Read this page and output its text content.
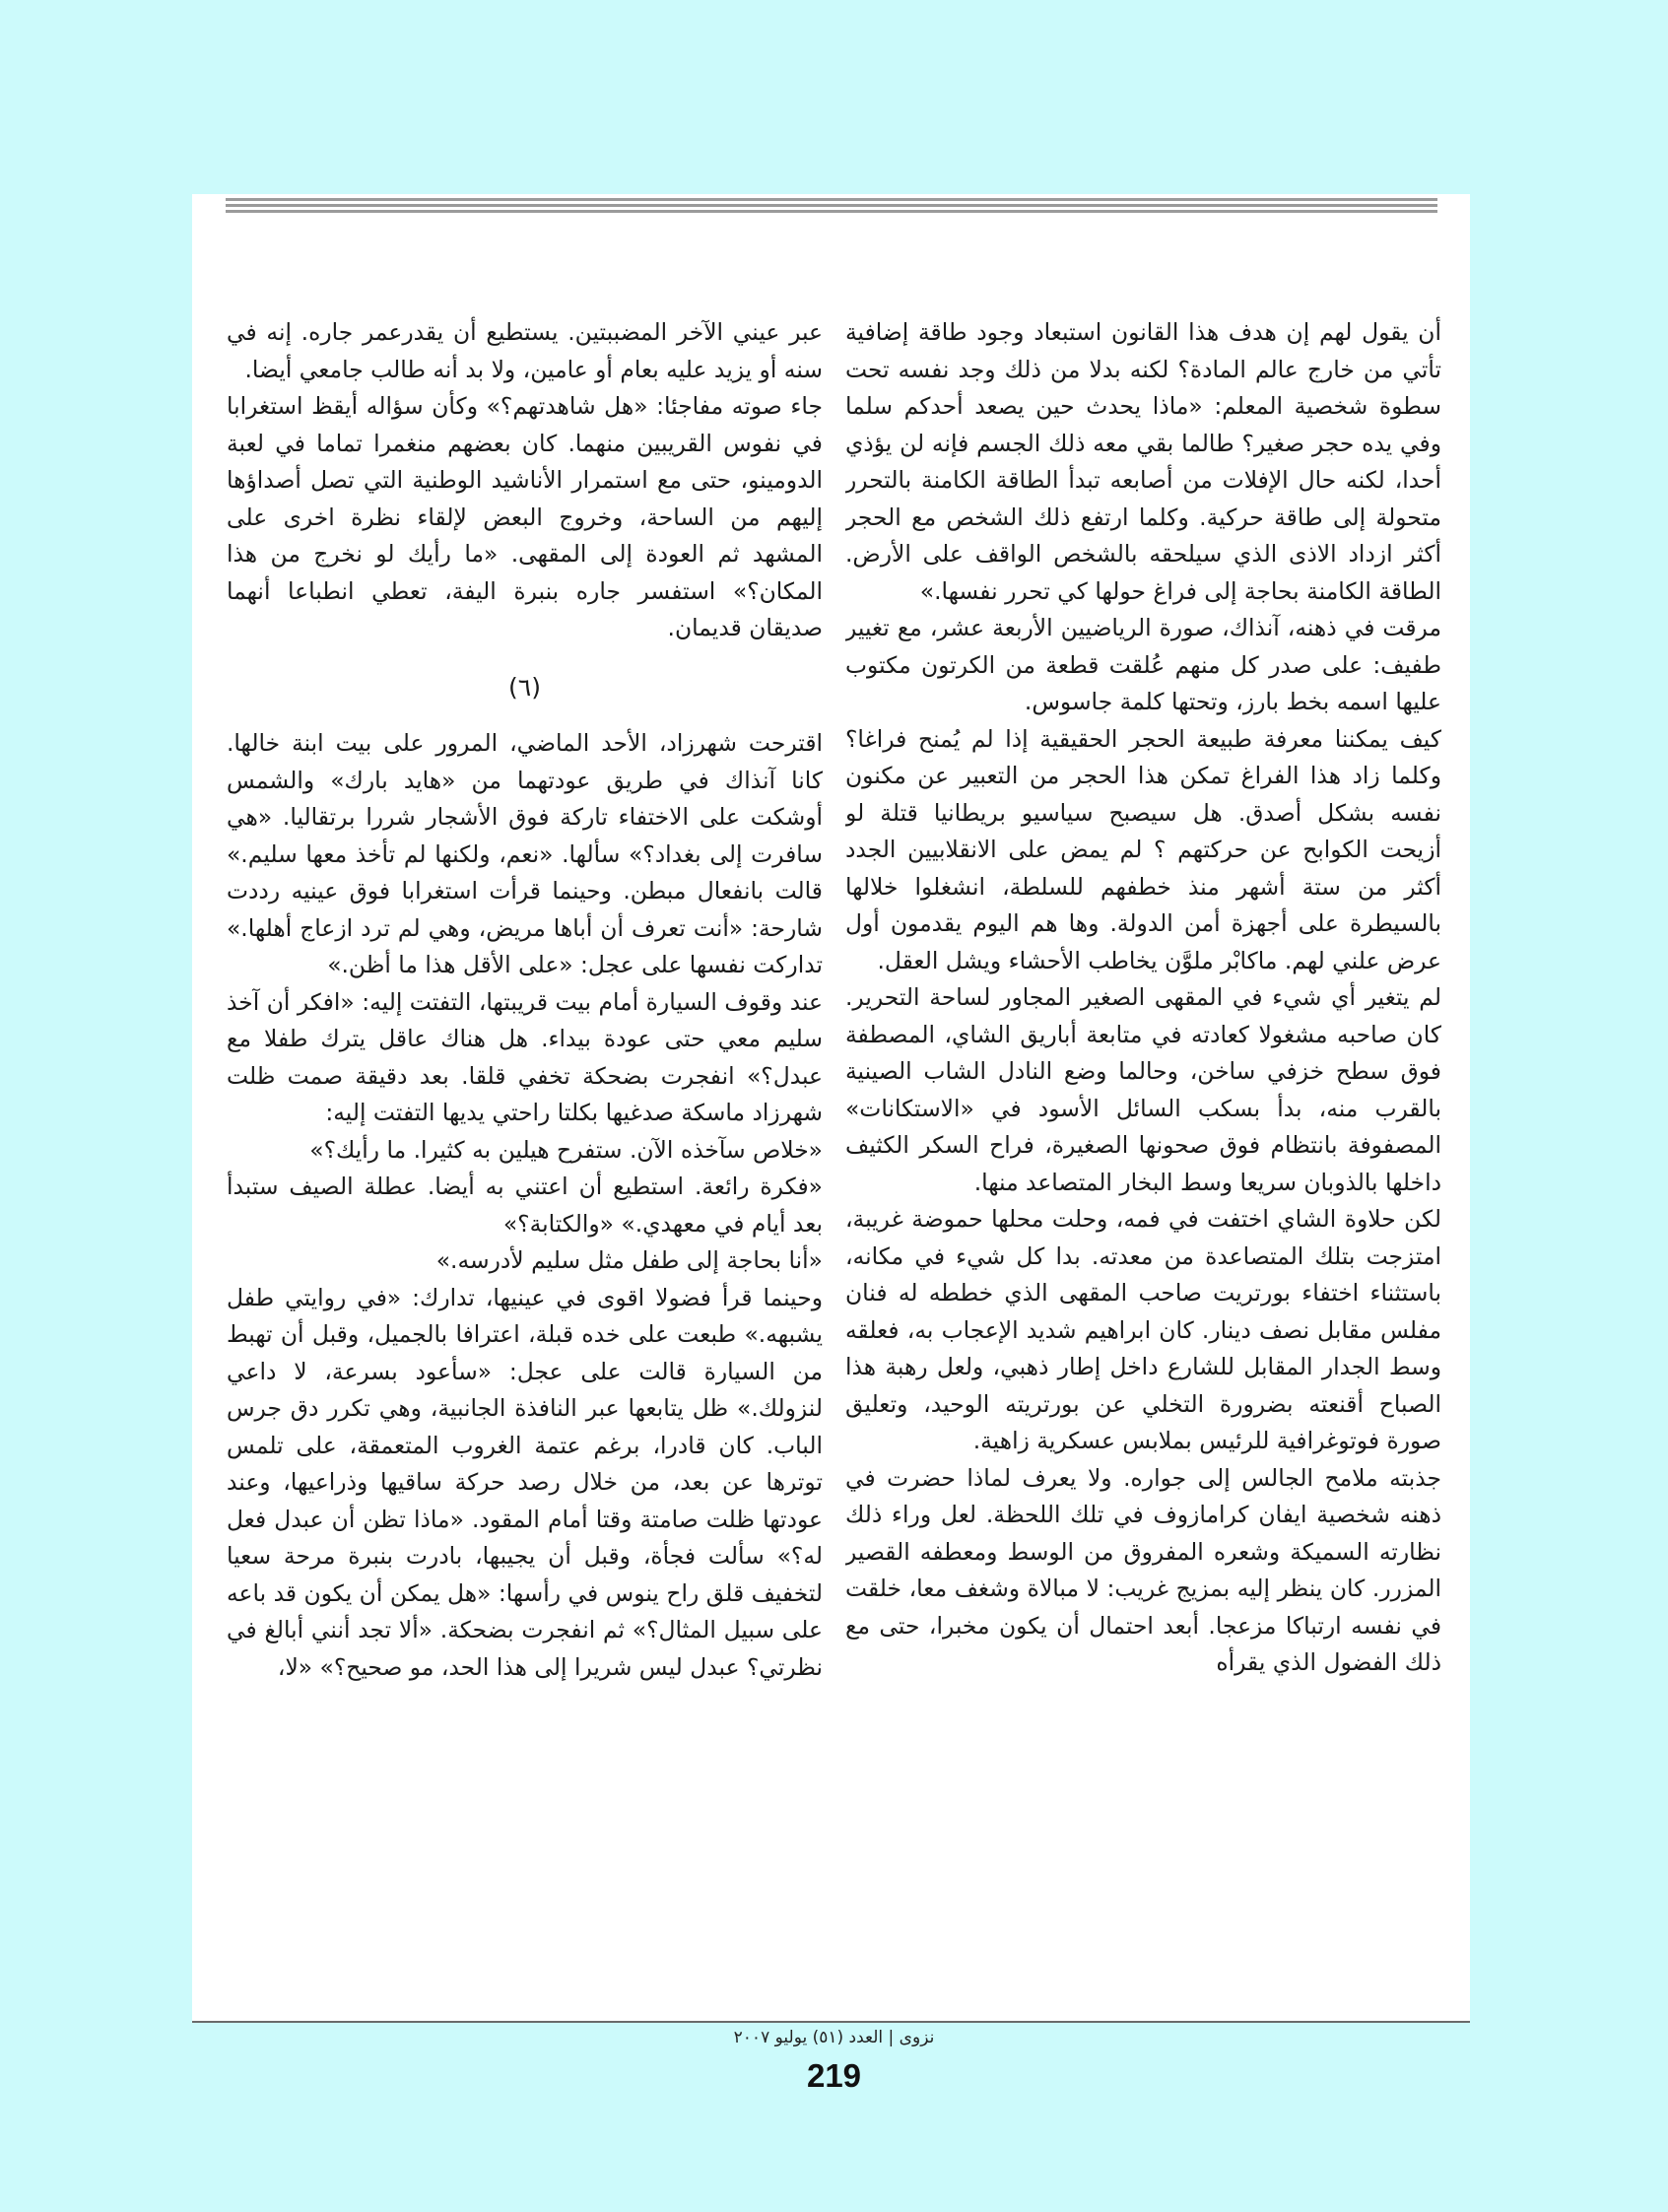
أن يقول لهم إن هدف هذا القانون استبعاد وجود طاقة إضافية تأتي من خارج عالم المادة؟ لكنه بدلا من ذلك وجد نفسه تحت سطوة شخصية المعلم: «ماذا يحدث حين يصعد أحدكم سلما وفي يده حجر صغير؟ طالما بقي معه ذلك الجسم فإنه لن يؤذي أحدا، لكنه حال الإفلات من أصابعه تبدأ الطاقة الكامنة بالتحرر متحولة إلى طاقة حركية. وكلما ارتفع ذلك الشخص مع الحجر أكثر ازداد الاذى الذي سيلحقه بالشخص الواقف على الأرض. الطاقة الكامنة بحاجة إلى فراغ حولها كي تحرر نفسها.»

مرقت في ذهنه، آنذاك، صورة الرياضيين الأربعة عشر، مع تغيير طفيف: على صدر كل منهم عُلقت قطعة من الكرتون مكتوب عليها اسمه بخط بارز، وتحتها كلمة جاسوس.

كيف يمكننا معرفة طبيعة الحجر الحقيقية إذا لم يُمنح فراغا؟ وكلما زاد هذا الفراغ تمكن هذا الحجر من التعبير عن مكنون نفسه بشكل أصدق. هل سيصبح سياسيو بريطانيا قتلة لو أزيحت الكوابح عن حركتهم ؟ لم يمض على الانقلابيين الجدد أكثر من ستة أشهر منذ خطفهم للسلطة، انشغلوا خلالها بالسيطرة على أجهزة أمن الدولة. وها هم اليوم يقدمون أول عرض علني لهم. ماكابْر ملوَّن يخاطب الأحشاء ويشل العقل.

لم يتغير أي شيء في المقهى الصغير المجاور لساحة التحرير. كان صاحبه مشغولا كعادته في متابعة أباريق الشاي، المصطفة فوق سطح خزفي ساخن، وحالما وضع النادل الشاب الصينية بالقرب منه، بدأ بسكب السائل الأسود في «الاستكانات» المصفوفة بانتظام فوق صحونها الصغيرة، فراح السكر الكثيف داخلها بالذوبان سريعا وسط البخار المتصاعد منها.

لكن حلاوة الشاي اختفت في فمه، وحلت محلها حموضة غريبة، امتزجت بتلك المتصاعدة من معدته. بدا كل شيء في مكانه، باستثناء اختفاء بورتريت صاحب المقهى الذي خططه له فنان مفلس مقابل نصف دينار. كان ابراهيم شديد الإعجاب به، فعلقه وسط الجدار المقابل للشارع داخل إطار ذهبي، ولعل رهبة هذا الصباح أقنعته بضرورة التخلي عن بورتريته الوحيد، وتعليق صورة فوتوغرافية للرئيس بملابس عسكرية زاهية.

جذبته ملامح الجالس إلى جواره. ولا يعرف لماذا حضرت في ذهنه شخصية ايفان كرامازوف في تلك اللحظة. لعل وراء ذلك نظارته السميكة وشعره المفروق من الوسط ومعطفه القصير المزرر. كان ينظر إليه بمزيج غريب: لا مبالاة وشغف معا، خلقت في نفسه ارتباكا مزعجا. أبعد احتمال أن يكون مخبرا، حتى مع ذلك الفضول الذي يقرأه

عبر عيني الآخر المضببتين. يستطيع أن يقدرعمر جاره. إنه في سنه أو يزيد عليه بعام أو عامين، ولا بد أنه طالب جامعي أيضا.

جاء صوته مفاجئا: «هل شاهدتهم؟» وكأن سؤاله أيقظ استغرابا في نفوس القريبين منهما. كان بعضهم منغمرا تماما في لعبة الدومينو، حتى مع استمرار الأناشيد الوطنية التي تصل أصداؤها إليهم من الساحة، وخروج البعض لإلقاء نظرة اخرى على المشهد ثم العودة إلى المقهى. «ما رأيك لو نخرج من هذا المكان؟» استفسر جاره بنبرة اليفة، تعطي انطباعا أنهما صديقان قديمان.

(٦)

اقترحت شهرزاد، الأحد الماضي، المرور على بيت ابنة خالها. كانا آنذاك في طريق عودتهما من «هايد بارك» والشمس أوشكت على الاختفاء تاركة فوق الأشجار شررا برتقاليا. «هي سافرت إلى بغداد؟» سألها. «نعم، ولكنها لم تأخذ معها سليم.» قالت بانفعال مبطن. وحينما قرأت استغرابا فوق عينيه رددت شارحة: «أنت تعرف أن أباها مريض، وهي لم ترد ازعاج أهلها.» تداركت نفسها على عجل: «على الأقل هذا ما أظن.»

عند وقوف السيارة أمام بيت قريبتها، التفتت إليه: «افكر أن آخذ سليم معي حتى عودة بيداء. هل هناك عاقل يترك طفلا مع عبدل؟» انفجرت بضحكة تخفي قلقا. بعد دقيقة صمت ظلت شهرزاد ماسكة صدغيها بكلتا راحتي يديها التفتت إليه:

«خلاص سآخذه الآن. ستفرح هيلين به كثيرا. ما رأيك؟»

«فكرة رائعة. استطيع أن اعتني به أيضا. عطلة الصيف ستبدأ بعد أيام في معهدي.» «والكتابة؟»

«أنا بحاجة إلى طفل مثل سليم لأدرسه.»

وحينما قرأ فضولا اقوى في عينيها، تدارك: «في روايتي طفل يشبهه.» طبعت على خده قبلة، اعترافا بالجميل، وقبل أن تهبط من السيارة قالت على عجل: «سأعود بسرعة، لا داعي لنزولك.» ظل يتابعها عبر النافذة الجانبية، وهي تكرر دق جرس الباب. كان قادرا، برغم عتمة الغروب المتعمقة، على تلمس توترها عن بعد، من خلال رصد حركة ساقيها وذراعيها، وعند عودتها ظلت صامتة وقتا أمام المقود. «ماذا تظن أن عبدل فعل له؟» سألت فجأة، وقبل أن يجيبها، بادرت بنبرة مرحة سعيا لتخفيف قلق راح ينوس في رأسها: «هل يمكن أن يكون قد باعه على سبيل المثال؟» ثم انفجرت بضحكة. «ألا تجد أنني أبالغ في نظرتي؟ عبدل ليس شريرا إلى هذا الحد، مو صحيح؟» «لا،

نزوى | العدد (٥١) يوليو ٢٠٠٧
219
